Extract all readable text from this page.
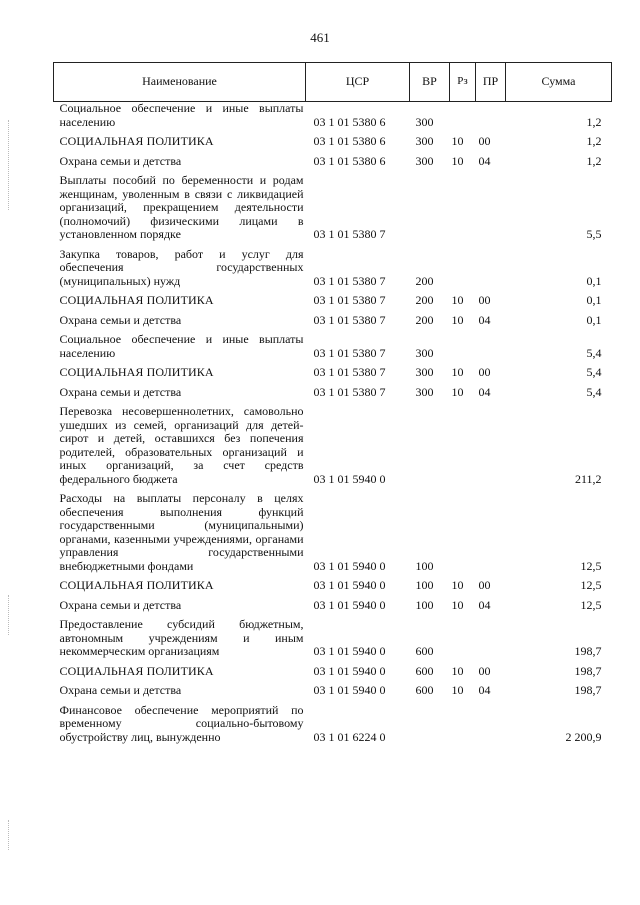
461
Наименование	ЦСР	ВР	Рз	ПР	Сумма
Социальное обеспечение и иные выплаты населению	03 1 01 5380 6	300			1,2
СОЦИАЛЬНАЯ ПОЛИТИКА	03 1 01 5380 6	300	10	00	1,2
Охрана семьи и детства	03 1 01 5380 6	300	10	04	1,2
Выплаты пособий по беременности и родам женщинам, уволенным в связи с ликвидацией организаций, прекращением деятельности (полномочий) физическими лицами в установленном порядке	03 1 01 5380 7				5,5
Закупка товаров, работ и услуг для обеспечения государственных (муниципальных) нужд	03 1 01 5380 7	200			0,1
СОЦИАЛЬНАЯ ПОЛИТИКА	03 1 01 5380 7	200	10	00	0,1
Охрана семьи и детства	03 1 01 5380 7	200	10	04	0,1
Социальное обеспечение и иные выплаты населению	03 1 01 5380 7	300			5,4
СОЦИАЛЬНАЯ ПОЛИТИКА	03 1 01 5380 7	300	10	00	5,4
Охрана семьи и детства	03 1 01 5380 7	300	10	04	5,4
Перевозка несовершеннолетних, самовольно ушедших из семей, организаций для детей-сирот и детей, оставшихся без попечения родителей, образовательных организаций и иных организаций, за счет средств федерального бюджета	03 1 01 5940 0				211,2
Расходы на выплаты персоналу в целях обеспечения выполнения функций государственными (муниципальными) органами, казенными учреждениями, органами управления государственными внебюджетными фондами	03 1 01 5940 0	100			12,5
СОЦИАЛЬНАЯ ПОЛИТИКА	03 1 01 5940 0	100	10	00	12,5
Охрана семьи и детства	03 1 01 5940 0	100	10	04	12,5
Предоставление субсидий бюджетным, автономным учреждениям и иным некоммерческим организациям	03 1 01 5940 0	600			198,7
СОЦИАЛЬНАЯ ПОЛИТИКА	03 1 01 5940 0	600	10	00	198,7
Охрана семьи и детства	03 1 01 5940 0	600	10	04	198,7
Финансовое обеспечение мероприятий по временному социально-бытовому обустройству лиц, вынужденно	03 1 01 6224 0				2 200,9
